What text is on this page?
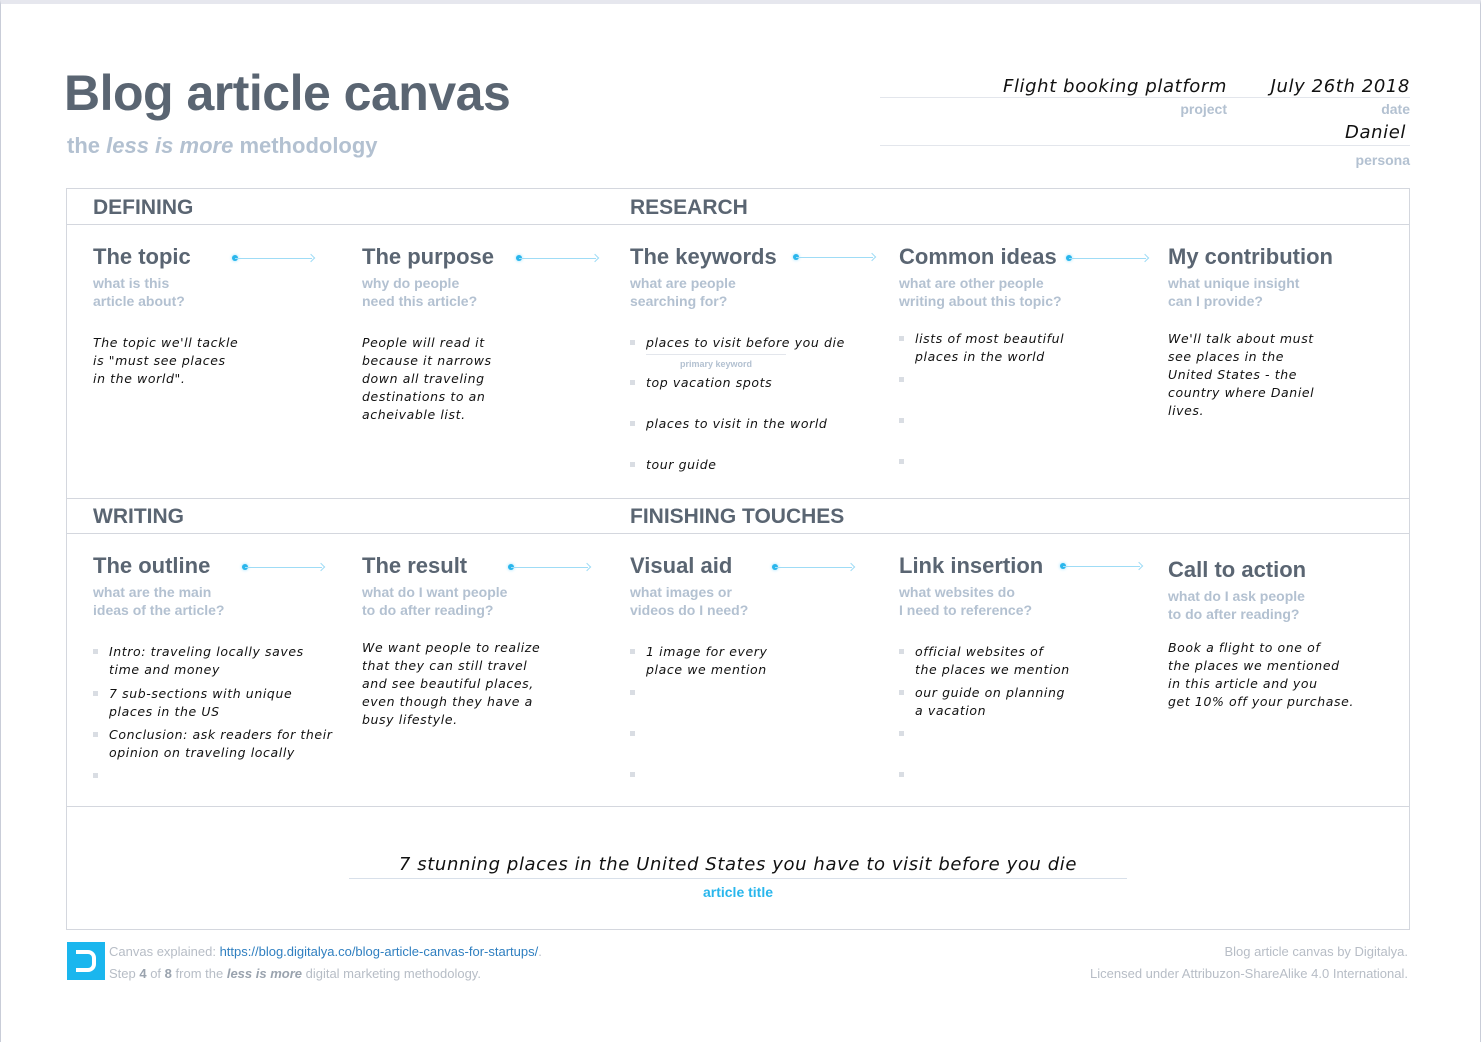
Blog article canvas
the less is more methodology
Flight booking platform
project
July 26th 2018
date
Daniel
persona
DEFINING	RESEARCH
WRITING	FINISHING TOUCHES
The topic
what is this
article about?
The topic we'll tackle
is "must see places
in the world".
The purpose
why do people
need this article?
People will read it
because it narrows
down all traveling
destinations to an
acheivable list.
The keywords
what are people
searching for?
places to visit before you die
primary keyword
top vacation spots
places to visit in the world
tour guide
Common ideas
what are other people
writing about this topic?
lists of most beautiful
places in the world
My contribution
what unique insight
can I provide?
We'll talk about must
see places in the
United States - the
country where Daniel
lives.
The outline
what are the main
ideas of the article?
Intro: traveling locally saves
time and money
7 sub-sections with unique
places in the US
Conclusion: ask readers for their
opinion on traveling locally
The result
what do I want people
to do after reading?
We want people to realize
that they can still travel
and see beautiful places,
even though they have a
busy lifestyle.
Visual aid
what images or
videos do I need?
1 image for every
place we mention
Link insertion
what websites do
I need to reference?
official websites of
the places we mention
our guide on planning
a vacation
Call to action
what do I ask people
to do after reading?
Book a flight to one of
the places we mentioned
in this article and you
get 10% off your purchase.
7 stunning places in the United States you have to visit before you die
article title
Canvas explained: https://blog.digitalya.co/blog-article-canvas-for-startups/.
Step 4 of 8 from the less is more digital marketing methodology.
Blog article canvas by Digitalya.
Licensed under Attribuzon-ShareAlike 4.0 International.
